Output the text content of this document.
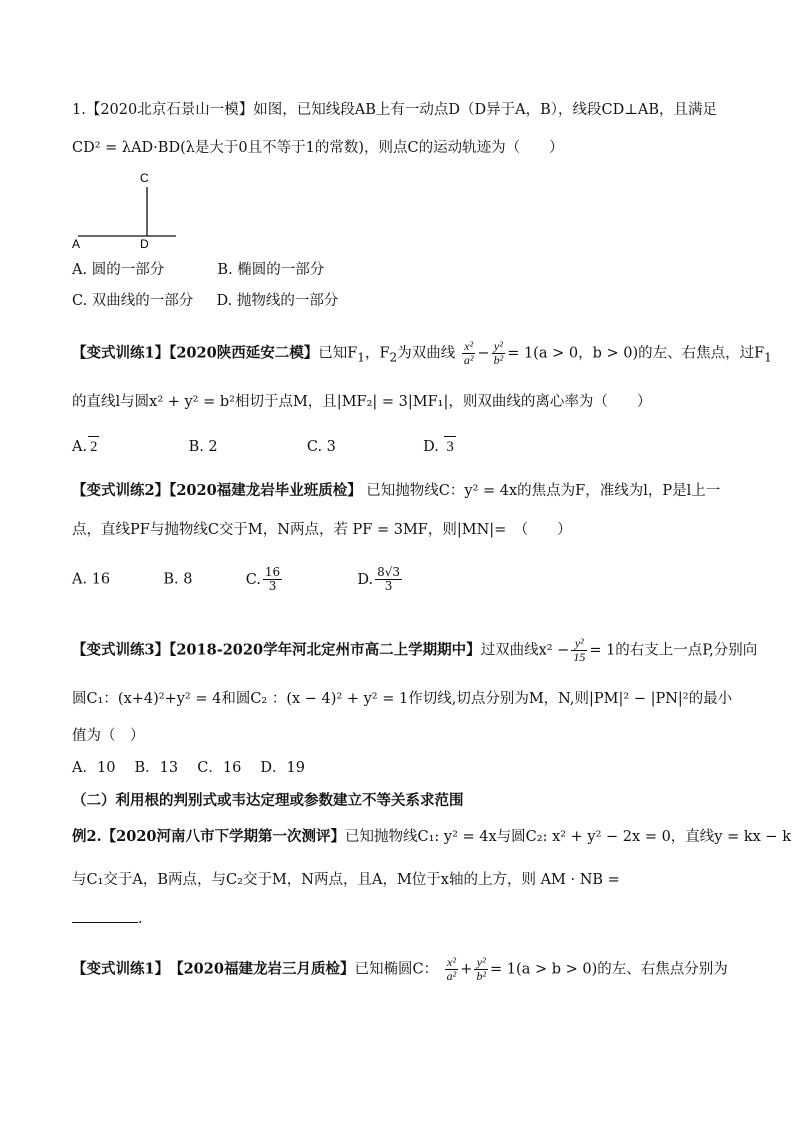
1.【2020北京石景山一模】如图，已知线段AB上有一动点D（D异于A，B），线段CD⊥AB，且满足
CD² = λAD·BD(λ是大于0且不等于1的常数)，则点C的运动轨迹为（　　）
C
A	D
A. 圆的一部分	B. 椭圆的一部分
C. 双曲线的一部分 D. 抛物线的一部分
【变式训练1】【2020陕西延安二模】已知$F_1$，$F_2$为双曲线 $\frac{\text{x²}}{\text{a²}} - \frac{\text{y²}}{\text{b²}} = 1(a > 0$，b > 0)的左、右焦点，过$F_1$
的直线l与圆x² + y² = b²相切于点M，且|MF₂| = 3|MF₁|，则双曲线的离心率为（　　）
A. 2	B. 2	C. 3	D. 3
【变式训练2】【2020福建龙岩毕业班质检】 已知抛物线C：y² = 4x的焦点为F，准线为l，P是l上一
点，直线PF与抛物线C交于M，N两点，若 PF = 3MF，则|MN|=　（　　）
A. 16	B. 8	C. $\frac{16}{3}$	D. $\frac{8√3}{3}$
【变式训练3】【2018-2020学年河北定州市高二上学期期中】过双曲线$x^2 - \frac{\text{y²}}{15} = 1$的右支上一点P,分别向
圆C₁：(x+4)²+y² = 4和圆C₂ ：(x − 4)² + y² = 1作切线,切点分别为M，N,则|PM|² − |PN|²的最小
值为（　）
A．10　 B．13　 C．16　 D．19
（二）利用根的判别式或韦达定理或参数建立不等关系求范围
例2.【2020河南八市下学期第一次测评】已知抛物线C₁: y² = 4x与圆C₂: x² + y² − 2x = 0，直线y = kx − k
与C₁交于A，B两点，与C₂交于M，N两点，且A，M位于x轴的上方，则 AM · NB =
.
【变式训练1】　 【2020福建龙岩三月质检】已知椭圆C： $\frac{\text{x²}}{\text{a²}} + \frac{\text{y²}}{\text{b²}} = 1(a > b > 0)$的左、右焦点分别为
